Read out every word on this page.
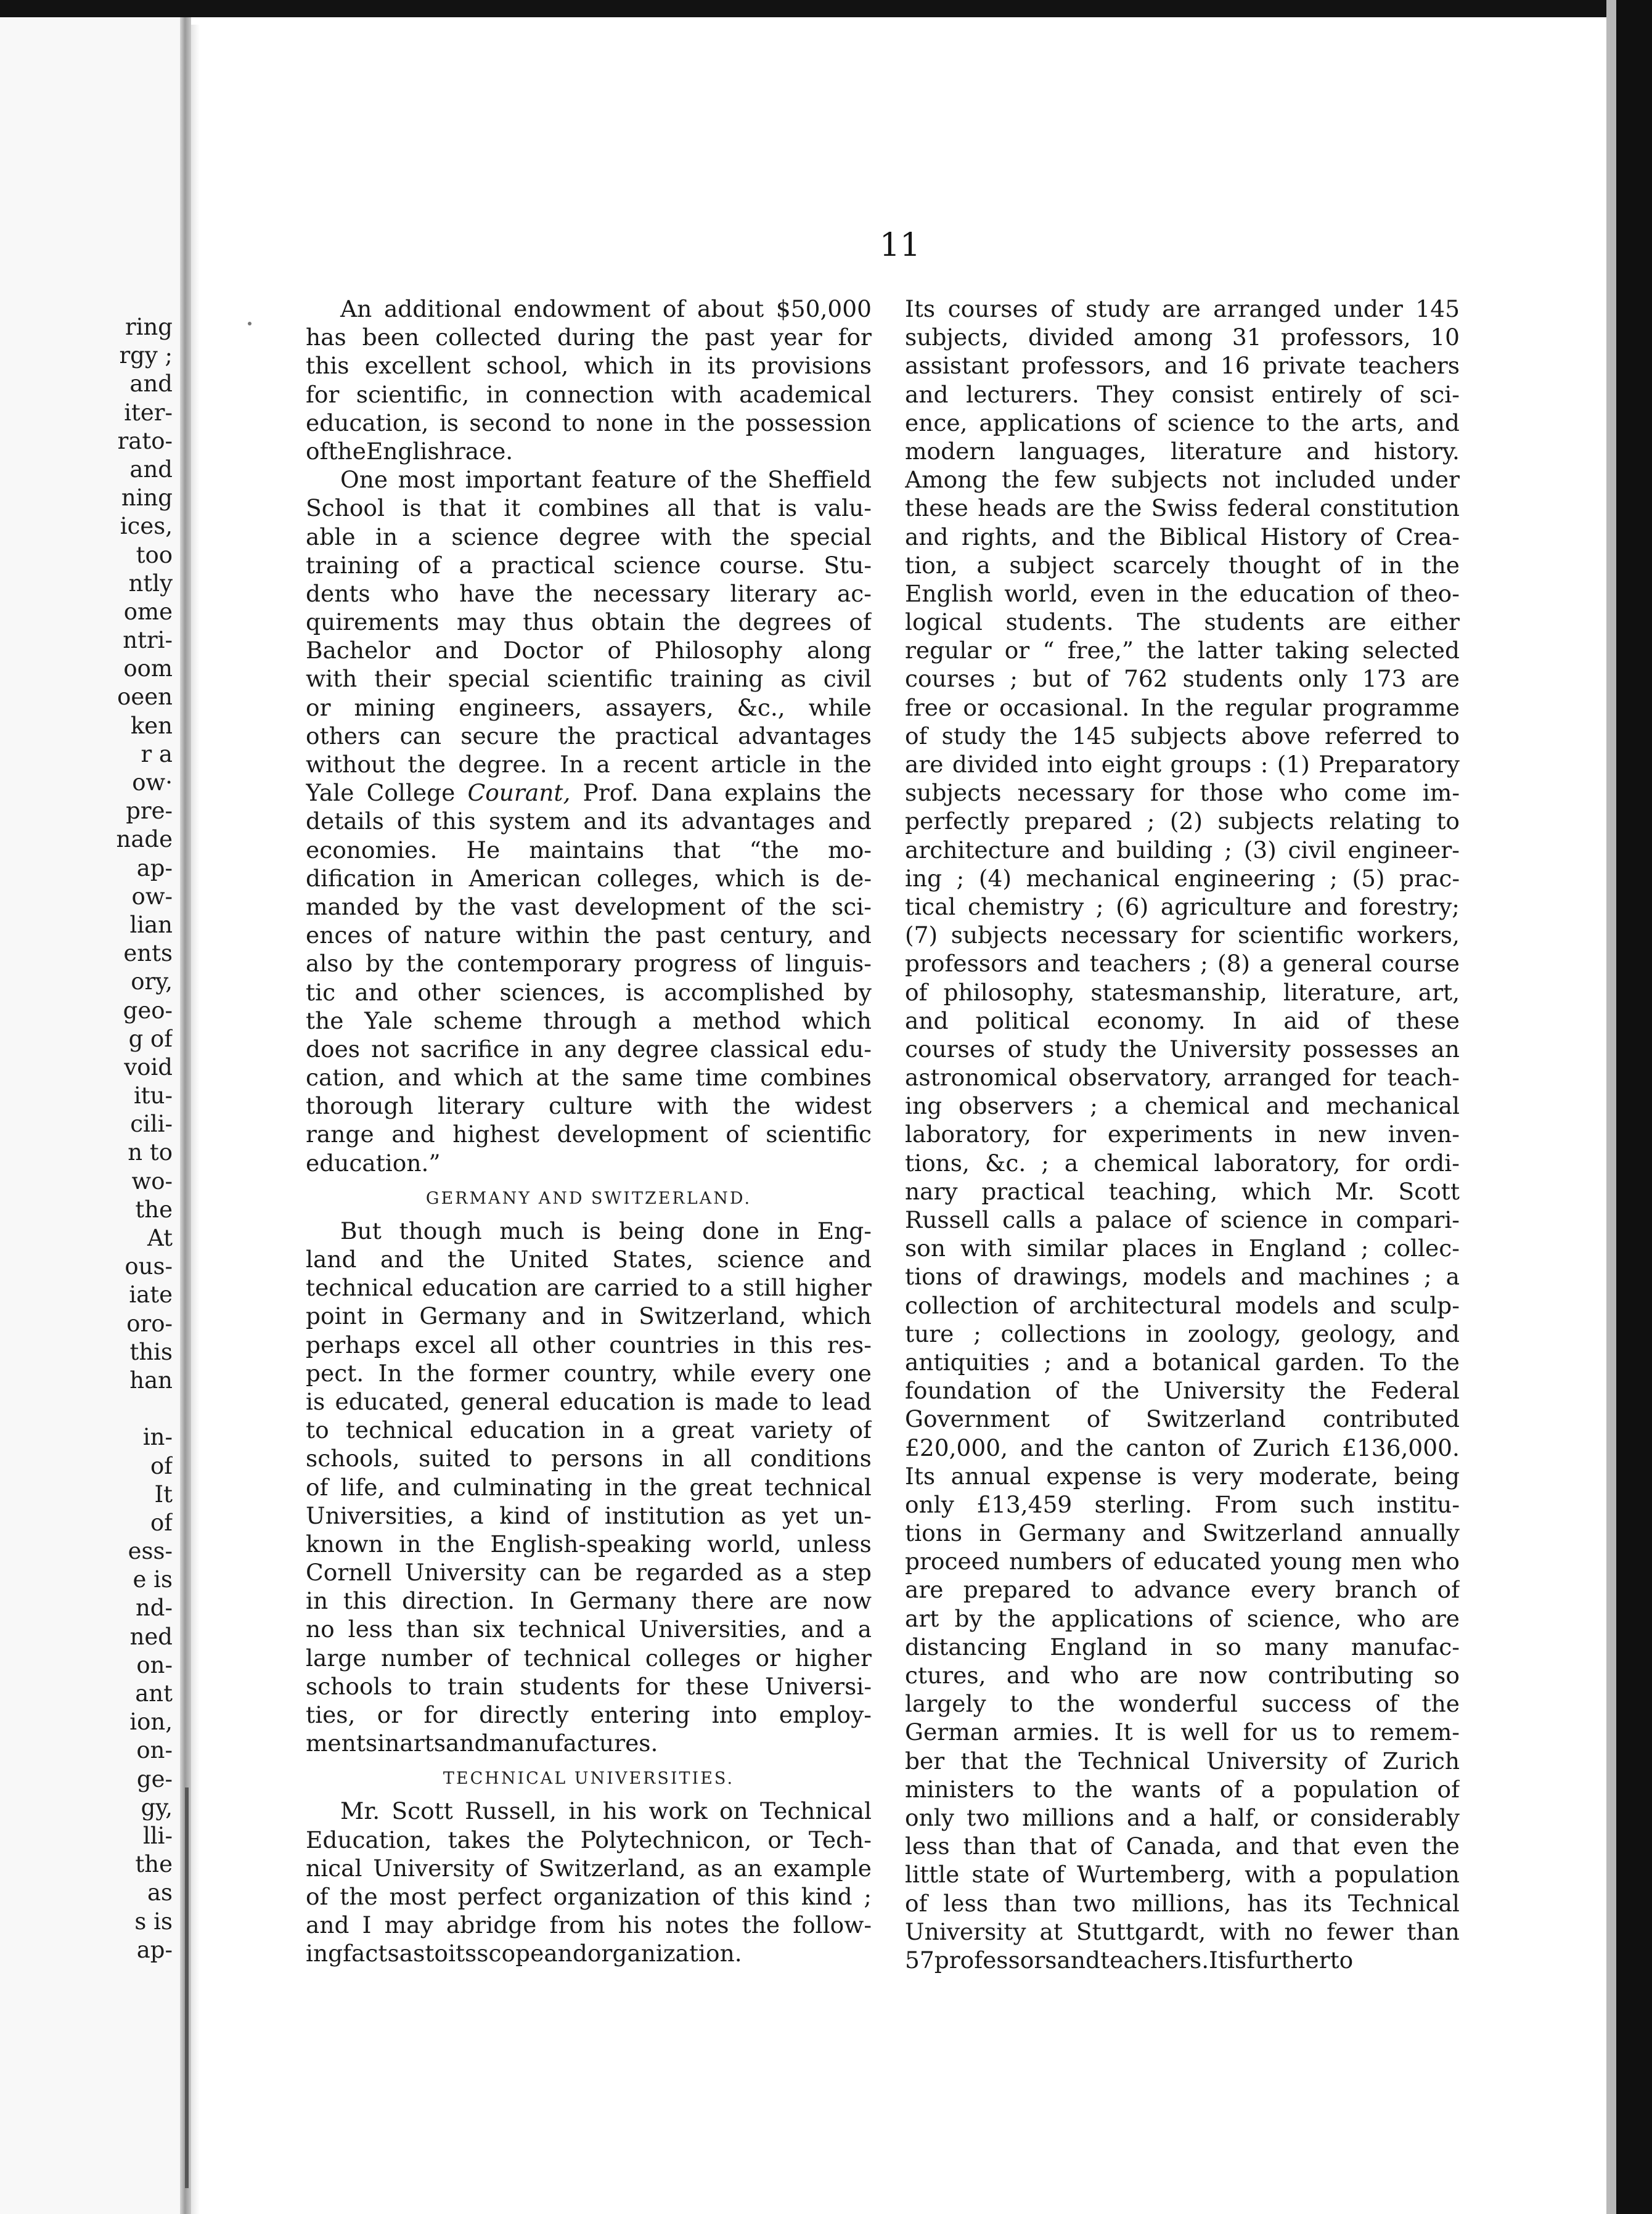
ring
rgy ;
and
iter-
rato-
and
ning
ices,
too
ntly
ome
ntri-
oom
oeen
ken
r a
ow·
pre-
nade
ap-
ow-
lian
ents
ory,
geo-
g of
void
itu-
cili-
n to
wo-
the
At
ous-
iate
oro-
this
han
in-
of
It
of
ess-
e is
nd-
ned
on-
ant
ion,
on-
ge-
gy,
lli-
the
as
s is
ap-
11
An additional endowment of about $50,000
has been collected during the past year for
this excellent school, which in its provisions
for scientific, in connection with academical
education, is second to none in the possession
of the English race.
One most important feature of the Sheffield
School is that it combines all that is valu-
able in a science degree with the special
training of a practical science course. Stu-
dents who have the necessary literary ac-
quirements may thus obtain the degrees of
Bachelor and Doctor of Philosophy along
with their special scientific training as civil
or mining engineers, assayers, &c., while
others can secure the practical advantages
without the degree. In a recent article in the
Yale College Courant, Prof. Dana explains the
details of this system and its advantages and
economies. He maintains that “the mo-
dification in American colleges, which is de-
manded by the vast development of the sci-
ences of nature within the past century, and
also by the contemporary progress of linguis-
tic and other sciences, is accomplished by
the Yale scheme through a method which
does not sacrifice in any degree classical edu-
cation, and which at the same time combines
thorough literary culture with the widest
range and highest development of scientific
education.”
GERMANY AND SWITZERLAND.
But though much is being done in Eng-
land and the United States, science and
technical education are carried to a still higher
point in Germany and in Switzerland, which
perhaps excel all other countries in this res-
pect. In the former country, while every one
is educated, general education is made to lead
to technical education in a great variety of
schools, suited to persons in all conditions
of life, and culminating in the great technical
Universities, a kind of institution as yet un-
known in the English-speaking world, unless
Cornell University can be regarded as a step
in this direction. In Germany there are now
no less than six technical Universities, and a
large number of technical colleges or higher
schools to train students for these Universi-
ties, or for directly entering into employ-
ments in arts and manufactures.
TECHNICAL UNIVERSITIES.
Mr. Scott Russell, in his work on Technical
Education, takes the Polytechnicon, or Tech-
nical University of Switzerland, as an example
of the most perfect organization of this kind ;
and I may abridge from his notes the follow-
ing facts as to its scope and organization.
Its courses of study are arranged under 145
subjects, divided among 31 professors, 10
assistant professors, and 16 private teachers
and lecturers. They consist entirely of sci-
ence, applications of science to the arts, and
modern languages, literature and history.
Among the few subjects not included under
these heads are the Swiss federal constitution
and rights, and the Biblical History of Crea-
tion, a subject scarcely thought of in the
English world, even in the education of theo-
logical students. The students are either
regular or “ free,” the latter taking selected
courses ; but of 762 students only 173 are
free or occasional. In the regular programme
of study the 145 subjects above referred to
are divided into eight groups : (1) Preparatory
subjects necessary for those who come im-
perfectly prepared ; (2) subjects relating to
architecture and building ; (3) civil engineer-
ing ; (4) mechanical engineering ; (5) prac-
tical chemistry ; (6) agriculture and forestry;
(7) subjects necessary for scientific workers,
professors and teachers ; (8) a general course
of philosophy, statesmanship, literature, art,
and political economy. In aid of these
courses of study the University possesses an
astronomical observatory, arranged for teach-
ing observers ; a chemical and mechanical
laboratory, for experiments in new inven-
tions, &c. ; a chemical laboratory, for ordi-
nary practical teaching, which Mr. Scott
Russell calls a palace of science in compari-
son with similar places in England ; collec-
tions of drawings, models and machines ; a
collection of architectural models and sculp-
ture ; collections in zoology, geology, and
antiquities ; and a botanical garden. To the
foundation of the University the Federal
Government of Switzerland contributed
£20,000, and the canton of Zurich £136,000.
Its annual expense is very moderate, being
only £13,459 sterling. From such institu-
tions in Germany and Switzerland annually
proceed numbers of educated young men who
are prepared to advance every branch of
art by the applications of science, who are
distancing England in so many manufac-
ctures, and who are now contributing so
largely to the wonderful success of the
German armies. It is well for us to remem-
ber that the Technical University of Zurich
ministers to the wants of a population of
only two millions and a half, or considerably
less than that of Canada, and that even the
little state of Wurtemberg, with a population
of less than two millions, has its Technical
University at Stuttgardt, with no fewer than
57 professors and teachers. It is further to
